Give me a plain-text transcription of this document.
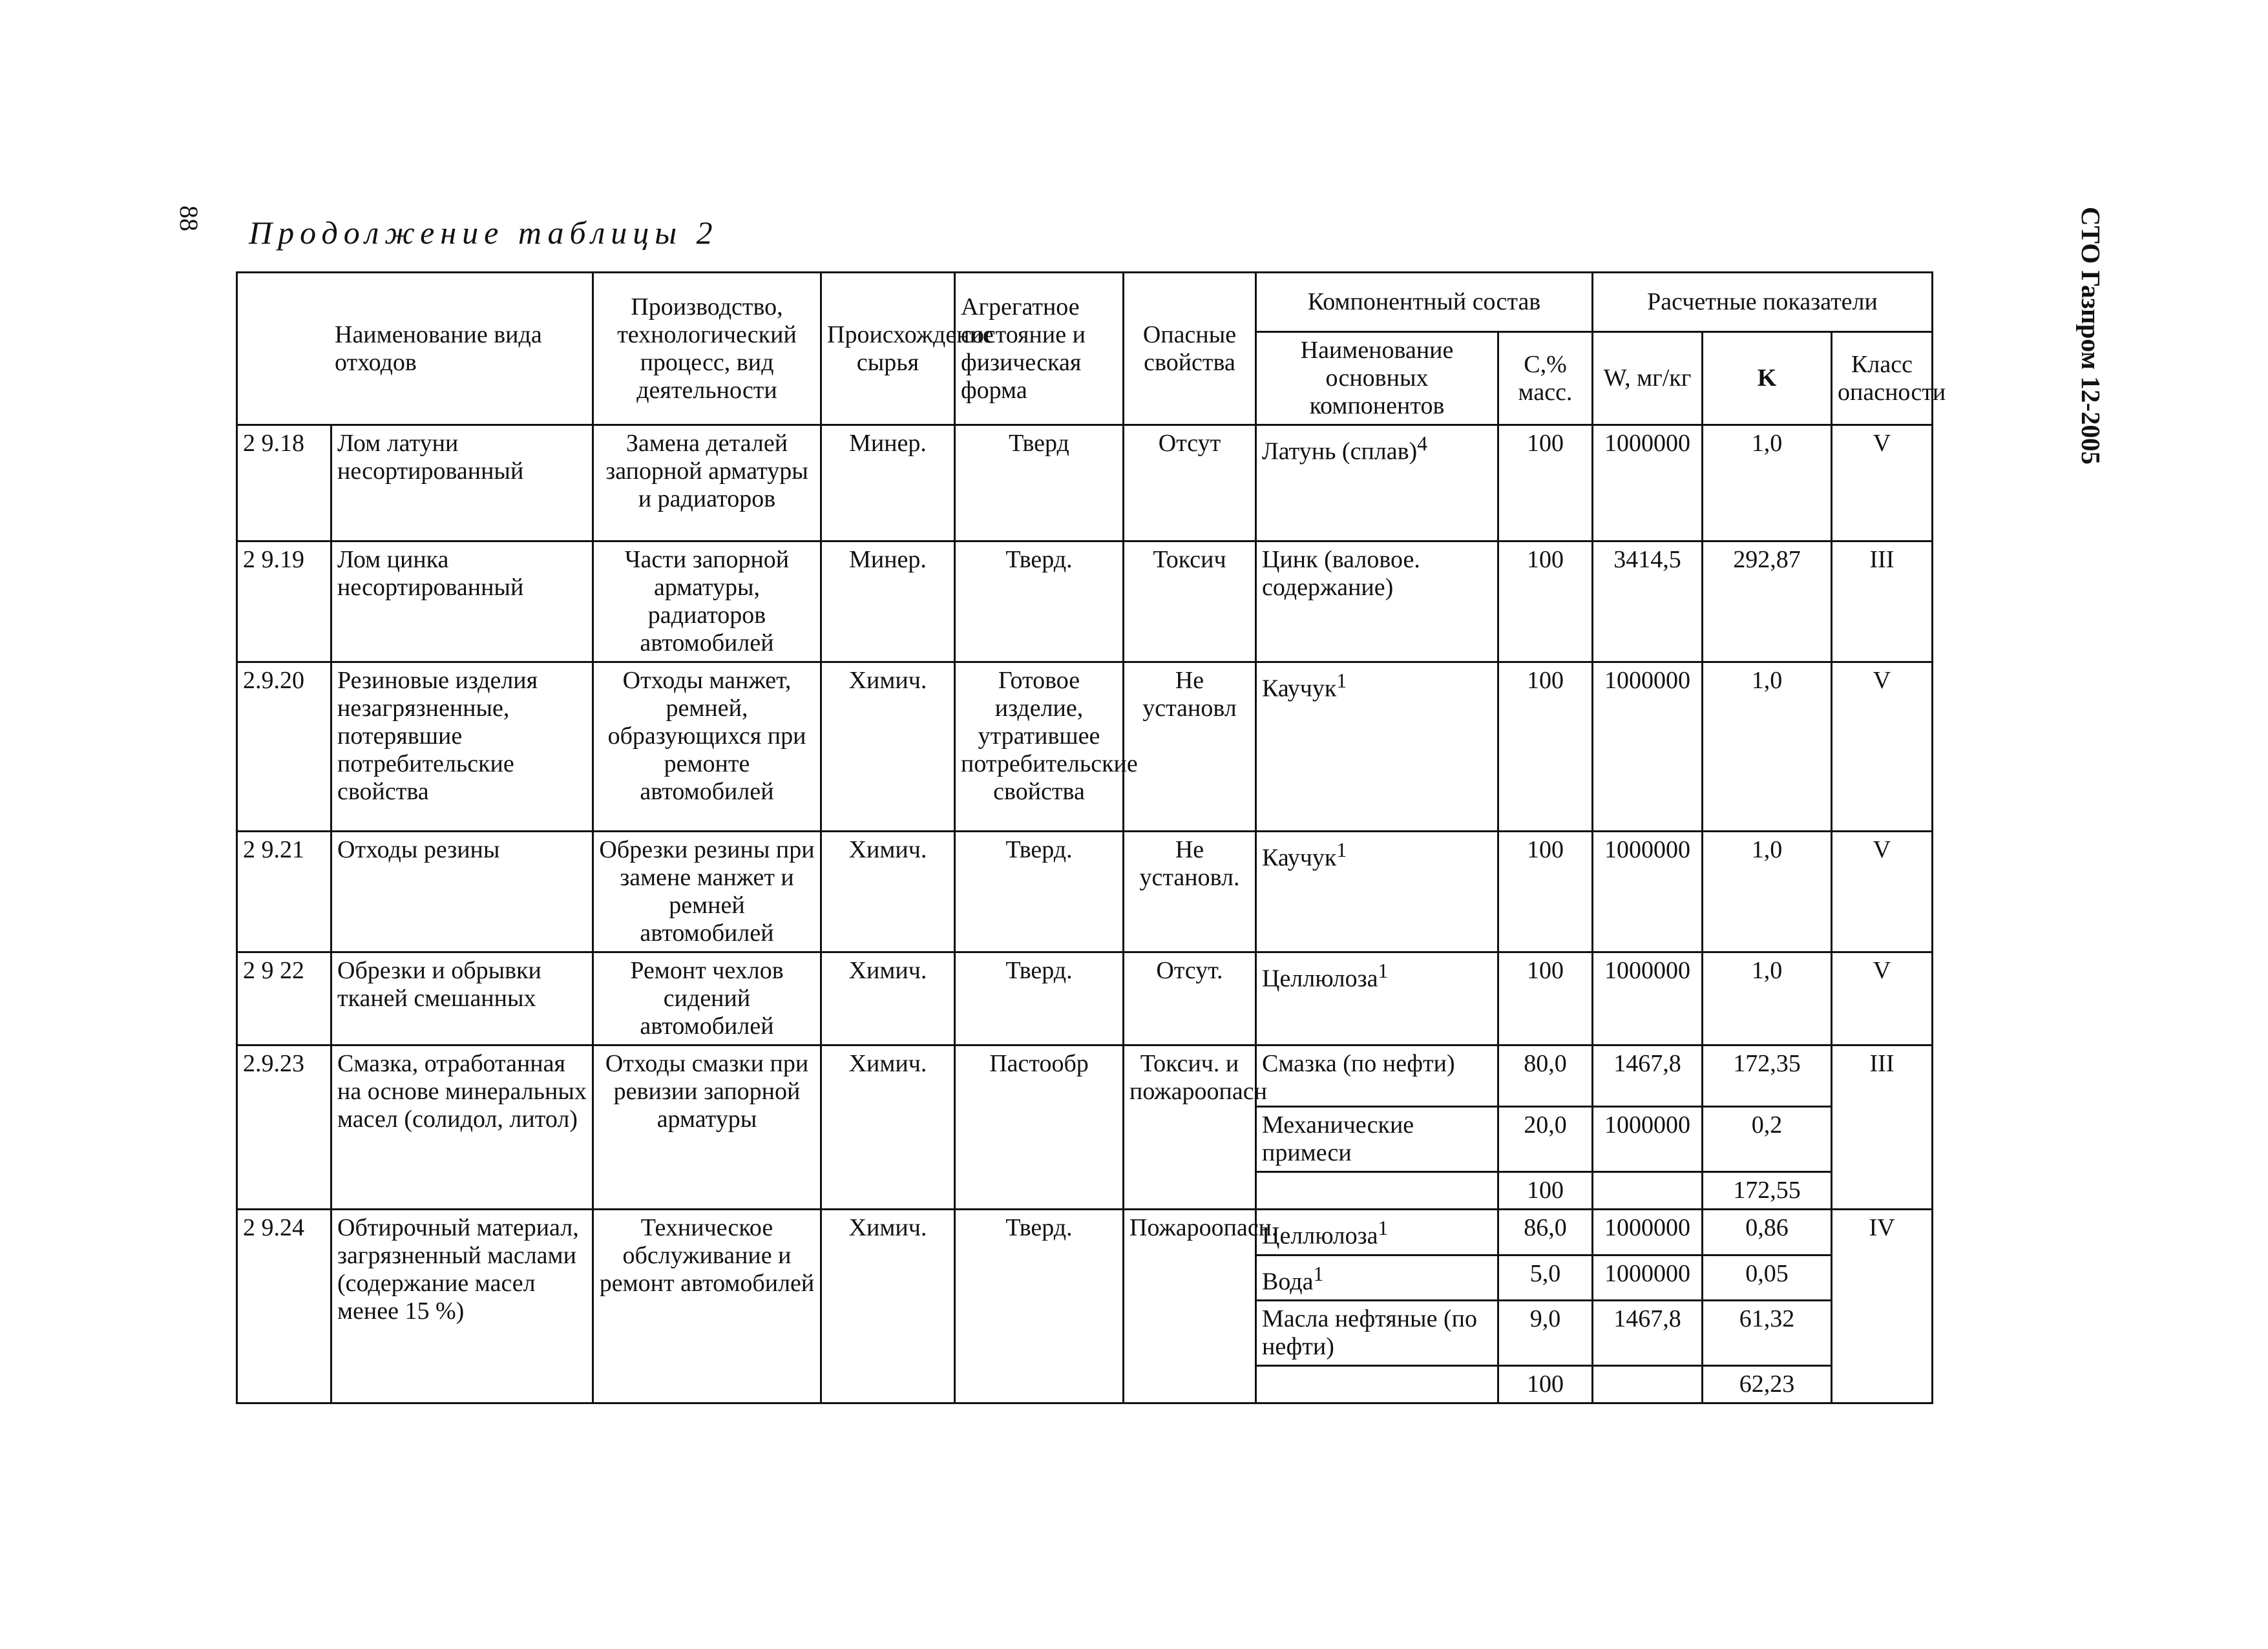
88 Продолжение таблицы 2	СТО Газпром 12-2005
Наименование вида отходов		Производство, технологический процесс, вид деятельности	Происхождение сырья	Агрегатное состояние и физическая форма	Опасные свойства	Компонентный состав		Расчетные показатели		
						Наименование основных компонентов	С,% масс.	W, мг/кг	K	Класс опасности
2 9.18	Лом латуни несортированный	Замена деталей запорной арматуры и радиаторов	Минер.	Тверд	Отсут	Латунь (сплав)$^4$	100	1000000	1,0	V
2 9.19	Лом цинка несортированный	Части запорной арматуры, радиаторов автомобилей	Минер.	Тверд.	Токсич	Цинк (валовое. содержание)	100	3414,5	292,87	III
2.9.20	Резиновые изделия незагрязненные, потерявшие потребительские свойства	Отходы манжет, ремней, образующихся при ремонте автомобилей	Химич.	Готовое изделие, утратившее потребительские свойства	Не установл	Каучук$^1$	100	1000000	1,0	V
2 9.21	Отходы резины	Обрезки резины при замене манжет и ремней автомобилей	Химич.	Тверд.	Не установл.	Каучук$^1$	100	1000000	1,0	V
2 9 22	Обрезки и обрывки тканей смешанных	Ремонт чехлов сидений автомобилей	Химич.	Тверд.	Отсут.	Целлюлоза$^1$	100	1000000	1,0	V
2.9.23	Смазка, отработанная на основе минеральных масел (солидол, литол)	Отходы смазки при ревизии запорной арматуры	Химич.	Пастообр	Токсич. и пожароопасн	Смазка (по нефти)	80,0	1467,8	172,35	III
						Механические примеси	20,0	1000000	0,2	
							100		172,55	
2 9.24	Обтирочный материал, загрязненный маслами (содержание масел менее 15 %)	Техническое обслуживание и ремонт автомобилей	Химич.	Тверд.	Пожароопасн.	Целлюлоза$^1$	86,0	1000000	0,86	IV
						Вода$^1$	5,0	1000000	0,05	
						Масла нефтяные (по нефти)	9,0	1467,8	61,32	
							100		62,23	
